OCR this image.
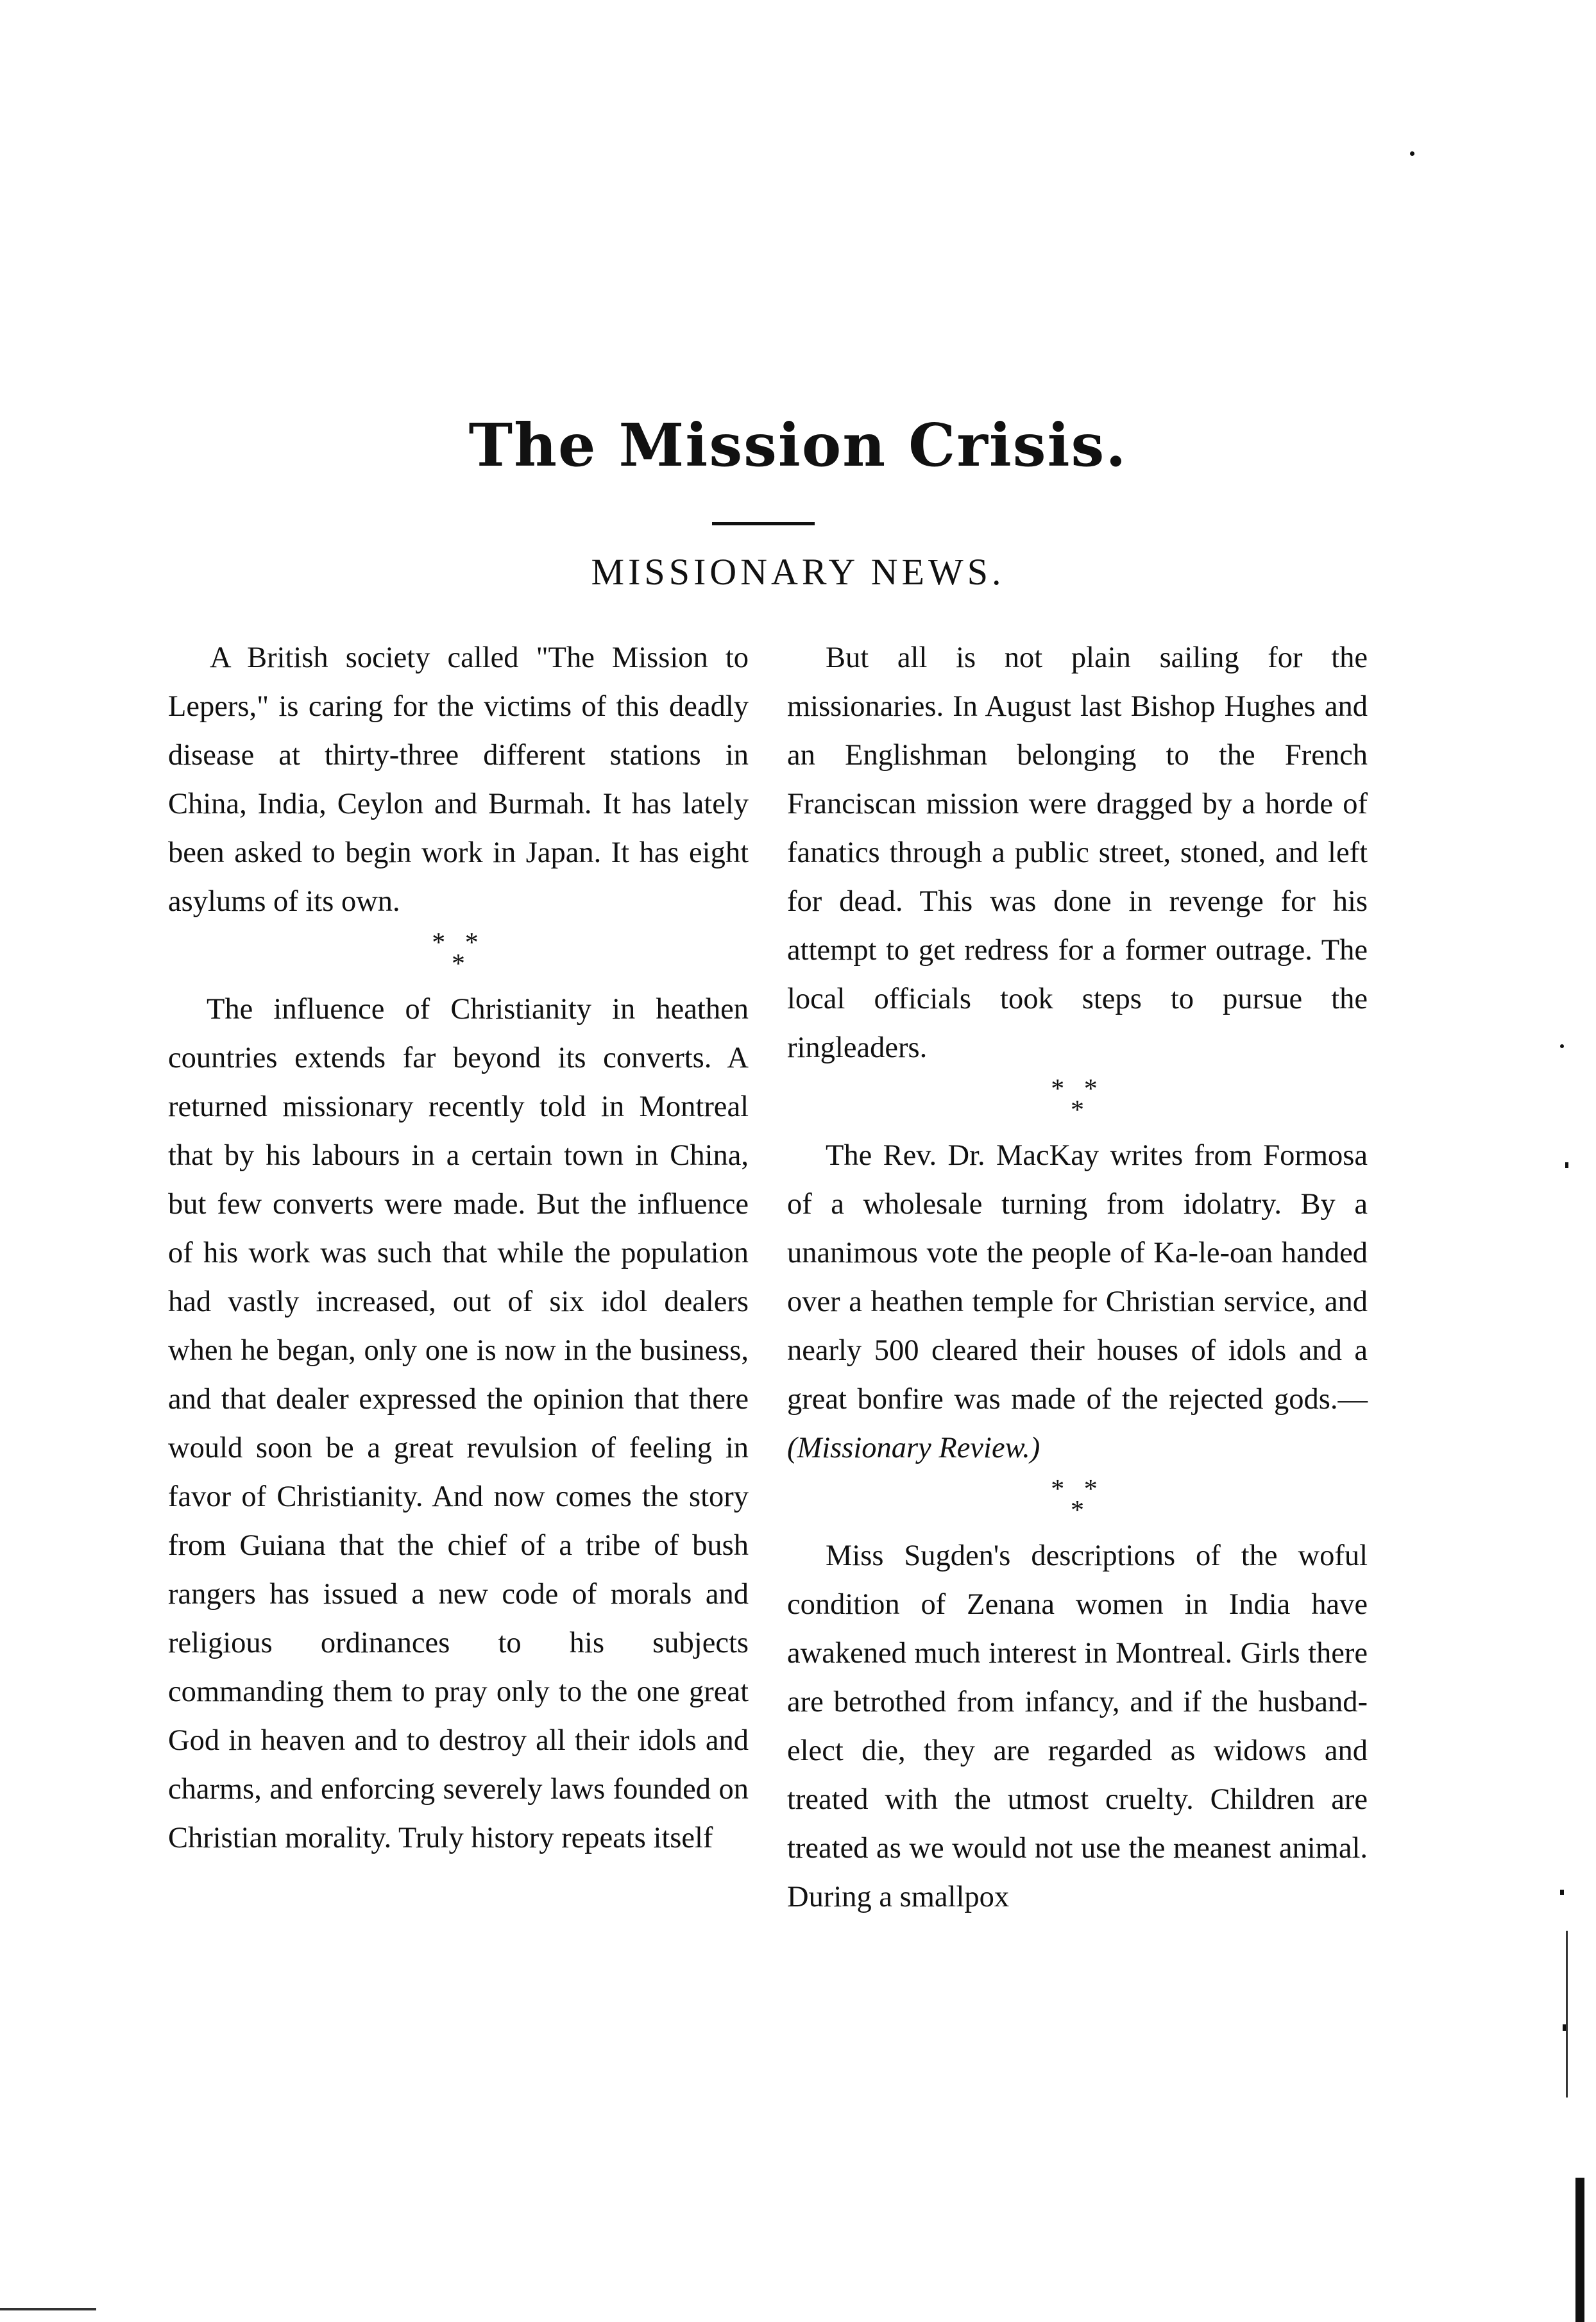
The Mission Crisis.
MISSIONARY NEWS.

A British society called "The Mission to Lepers," is caring for the victims of this deadly disease at thirty-three different stations in China, India, Ceylon and Burmah. It has lately been asked to begin work in Japan. It has eight asylums of its own.

* *
*

The influence of Christianity in heathen countries extends far beyond its converts. A returned missionary recently told in Montreal that by his labours in a certain town in China, but few converts were made. But the influence of his work was such that while the population had vastly increased, out of six idol dealers when he began, only one is now in the business, and that dealer expressed the opinion that there would soon be a great revulsion of feeling in favor of Christianity. And now comes the story from Guiana that the chief of a tribe of bush rangers has issued a new code of morals and religious ordinances to his subjects commanding them to pray only to the one great God in heaven and to destroy all their idols and charms, and enforcing severely laws founded on Christian morality. Truly history repeats itself

But all is not plain sailing for the missionaries. In August last Bishop Hughes and an Englishman belonging to the French Franciscan mission were dragged by a horde of fanatics through a public street, stoned, and left for dead. This was done in revenge for his attempt to get redress for a former outrage. The local officials took steps to pursue the ringleaders.

* *
*

The Rev. Dr. MacKay writes from Formosa of a wholesale turning from idolatry. By a unanimous vote the people of Ka-le-oan handed over a heathen temple for Christian service, and nearly 500 cleared their houses of idols and a great bonfire was made of the rejected gods.—(Missionary Review.)

* *
*

Miss Sugden's descriptions of the woful condition of Zenana women in India have awakened much interest in Montreal. Girls there are betrothed from infancy, and if the husband-elect die, they are regarded as widows and treated with the utmost cruelty. Children are treated as we would not use the meanest animal. During a smallpox
